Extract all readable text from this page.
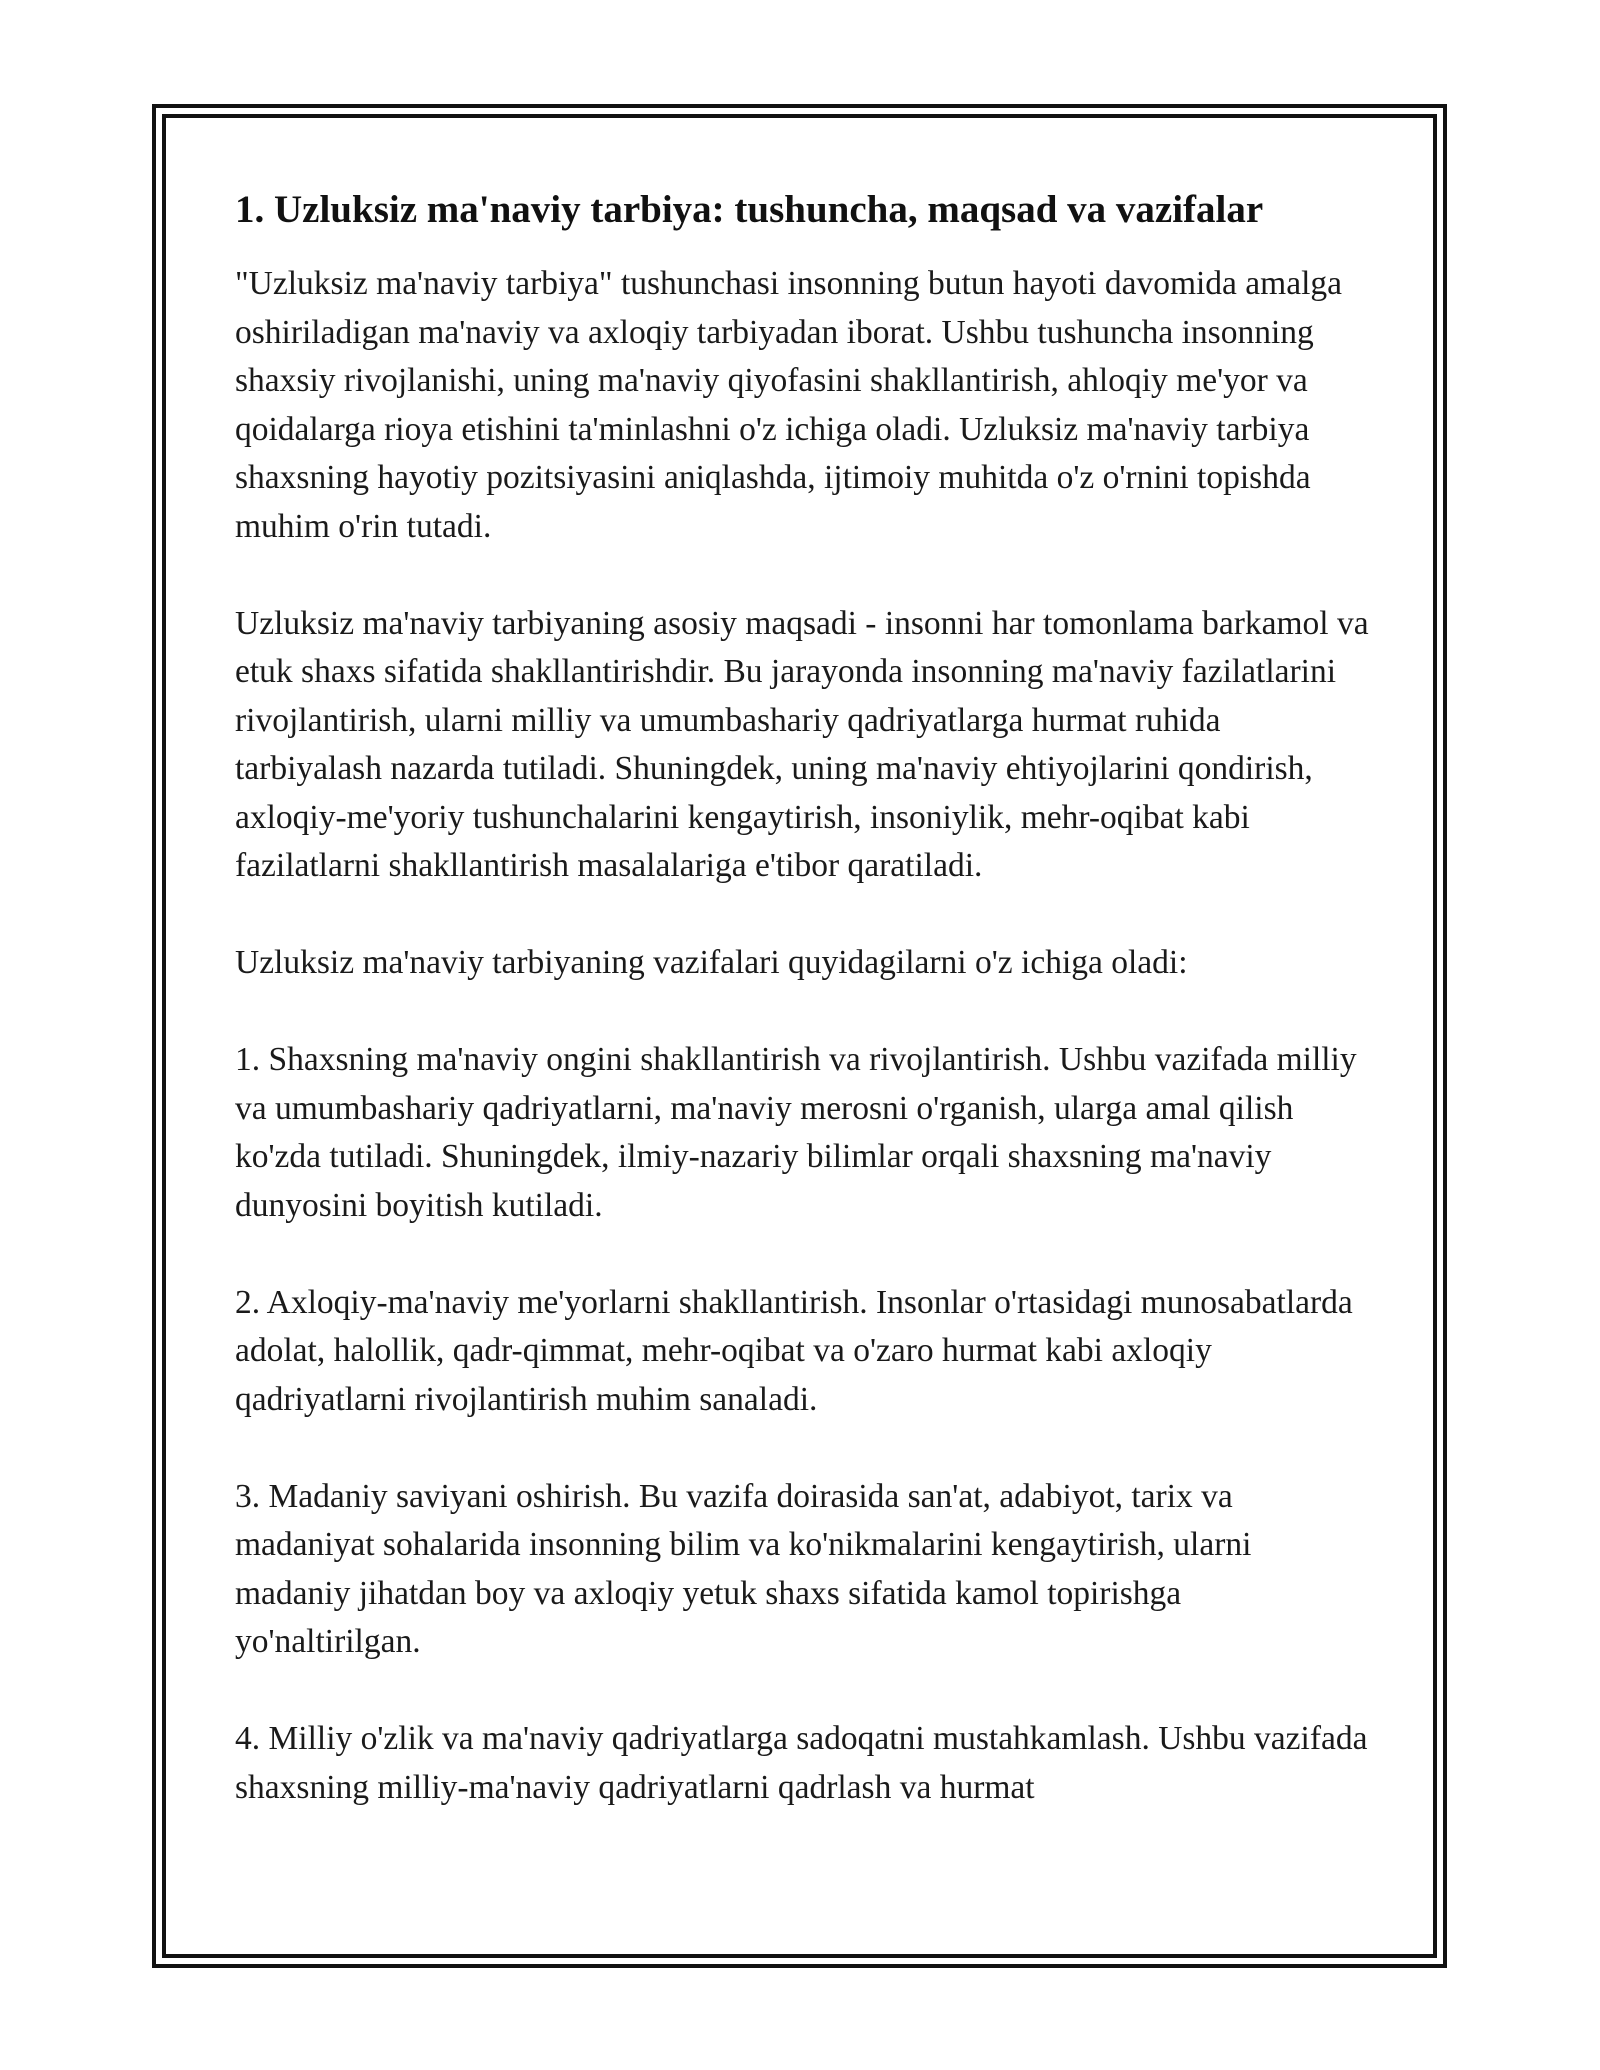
1. Uzluksiz ma'naviy tarbiya: tushuncha, maqsad va vazifalar

"Uzluksiz ma'naviy tarbiya" tushunchasi insonning butun hayoti davomida amalga oshiriladigan ma'naviy va axloqiy tarbiyadan iborat. Ushbu tushuncha insonning shaxsiy rivojlanishi, uning ma'naviy qiyofasini shakllantirish, ahloqiy me'yor va qoidalarga rioya etishini ta'minlashni o'z ichiga oladi. Uzluksiz ma'naviy tarbiya shaxsning hayotiy pozitsiyasini aniqlashda, ijtimoiy muhitda o'z o'rnini topishda muhim o'rin tutadi.

Uzluksiz ma'naviy tarbiyaning asosiy maqsadi - insonni har tomonlama barkamol va etuk shaxs sifatida shakllantirishdir. Bu jarayonda insonning ma'naviy fazilatlarini rivojlantirish, ularni milliy va umumbashariy qadriyatlarga hurmat ruhida tarbiyalash nazarda tutiladi. Shuningdek, uning ma'naviy ehtiyojlarini qondirish, axloqiy-me'yoriy tushunchalarini kengaytirish, insoniylik, mehr-oqibat kabi fazilatlarni shakllantirish masalalariga e'tibor qaratiladi.

Uzluksiz ma'naviy tarbiyaning vazifalari quyidagilarni o'z ichiga oladi:

1. Shaxsning ma'naviy ongini shakllantirish va rivojlantirish. Ushbu vazifada milliy va umumbashariy qadriyatlarni, ma'naviy merosni o'rganish, ularga amal qilish ko'zda tutiladi. Shuningdek, ilmiy-nazariy bilimlar orqali shaxsning ma'naviy dunyosini boyitish kutiladi.

2. Axloqiy-ma'naviy me'yorlarni shakllantirish. Insonlar o'rtasidagi munosabatlarda adolat, halollik, qadr-qimmat, mehr-oqibat va o'zaro hurmat kabi axloqiy qadriyatlarni rivojlantirish muhim sanaladi.

3. Madaniy saviyani oshirish. Bu vazifa doirasida san'at, adabiyot, tarix va madaniyat sohalarida insonning bilim va ko'nikmalarini kengaytirish, ularni madaniy jihatdan boy va axloqiy yetuk shaxs sifatida kamol topirishga yo'naltirilgan.

4. Milliy o'zlik va ma'naviy qadriyatlarga sadoqatni mustahkamlash. Ushbu vazifada shaxsning milliy-ma'naviy qadriyatlarni qadrlash va hurmat
